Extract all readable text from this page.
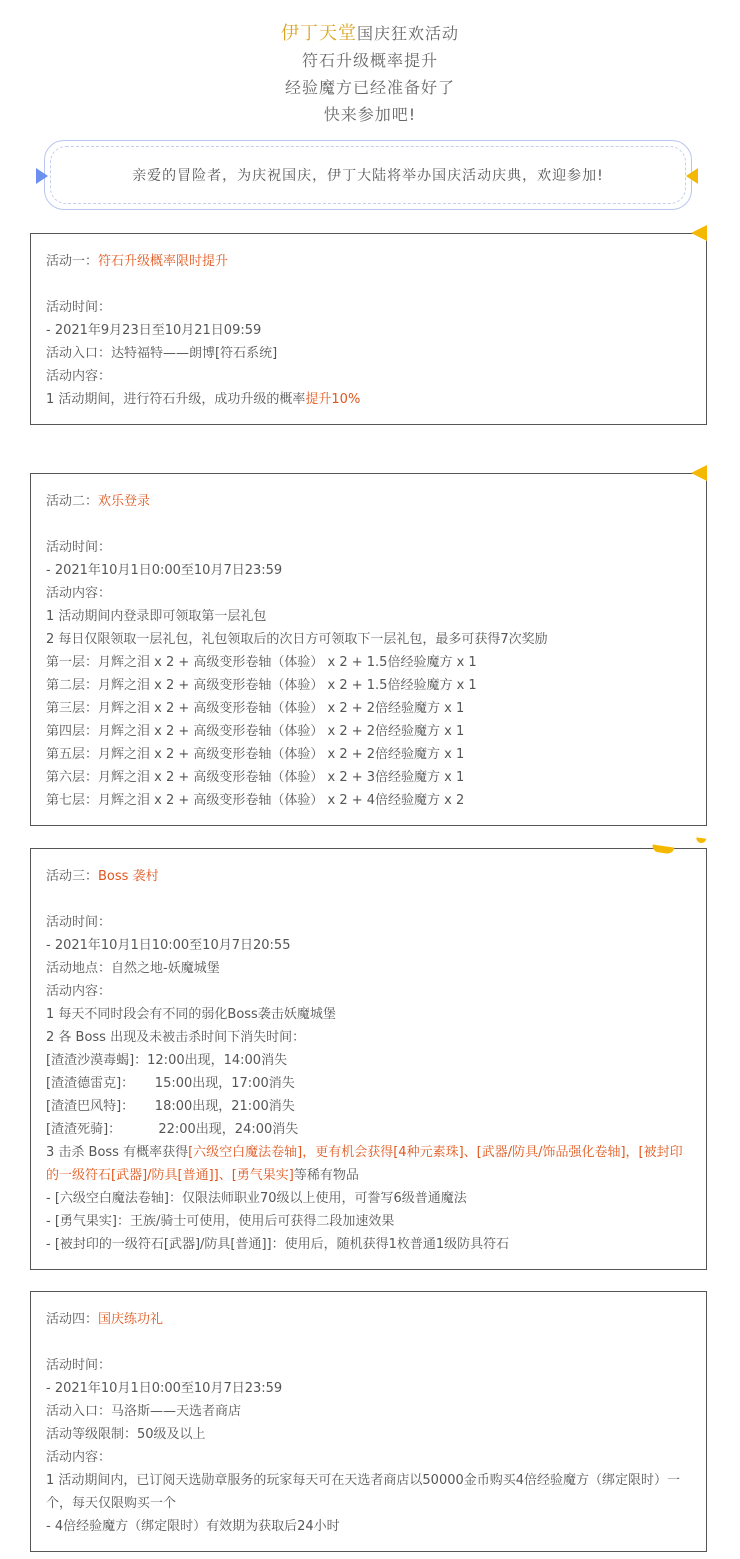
伊丁天堂国庆狂欢活动
符石升级概率提升
经验魔方已经准备好了
快来参加吧!
亲爱的冒险者，为庆祝国庆，伊丁大陆将举办国庆活动庆典，欢迎参加!
活动一：符石升级概率限时提升
活动时间：
- 2021年9月23日至10月21日09:59
活动入口：达特福特——朗博[符石系统]
活动内容：
1 活动期间，进行符石升级，成功升级的概率提升10%
活动二：欢乐登录
活动时间：
- 2021年10月1日0:00至10月7日23:59
活动内容：
1 活动期间内登录即可领取第一层礼包
2 每日仅限领取一层礼包，礼包领取后的次日方可领取下一层礼包，最多可获得7次奖励
第一层：月辉之泪 x 2 + 高级变形卷轴（体验） x 2 + 1.5倍经验魔方 x 1
第二层：月辉之泪 x 2 + 高级变形卷轴（体验） x 2 + 1.5倍经验魔方 x 1
第三层：月辉之泪 x 2 + 高级变形卷轴（体验） x 2 + 2倍经验魔方 x 1
第四层：月辉之泪 x 2 + 高级变形卷轴（体验） x 2 + 2倍经验魔方 x 1
第五层：月辉之泪 x 2 + 高级变形卷轴（体验） x 2 + 2倍经验魔方 x 1
第六层：月辉之泪 x 2 + 高级变形卷轴（体验） x 2 + 3倍经验魔方 x 1
第七层：月辉之泪 x 2 + 高级变形卷轴（体验） x 2 + 4倍经验魔方 x 2
活动三：Boss 袭村
活动时间：
- 2021年10月1日10:00至10月7日20:55
活动地点：自然之地-妖魔城堡
活动内容：
1 每天不同时段会有不同的弱化Boss袭击妖魔城堡
2 各 Boss 出现及未被击杀时间下消失时间：
[渣渣沙漠毒蝎]：12:00出现，14:00消失
[渣渣德雷克]：     15:00出现，17:00消失
[渣渣巴风特]：     18:00出现，21:00消失
[渣渣死骑]：         22:00出现，24:00消失
3 击杀 Boss 有概率获得[六级空白魔法卷轴]，更有机会获得[4种元素珠]、[武器/防具/饰品强化卷轴]，[被封印的一级符石[武器]/防具[普通]]、[勇气果实]等稀有物品
- [六级空白魔法卷轴]：仅限法师职业70级以上使用，可誊写6级普通魔法
- [勇气果实]：王族/骑士可使用，使用后可获得二段加速效果
- [被封印的一级符石[武器]/防具[普通]]：使用后，随机获得1枚普通1级防具符石
活动四：国庆练功礼
活动时间：
- 2021年10月1日0:00至10月7日23:59
活动入口：马洛斯——天选者商店
活动等级限制：50级及以上
活动内容：
1 活动期间内，已订阅天选勋章服务的玩家每天可在天选者商店以50000金币购买4倍经验魔方（绑定限时）一个，每天仅限购买一个
- 4倍经验魔方（绑定限时）有效期为获取后24小时
